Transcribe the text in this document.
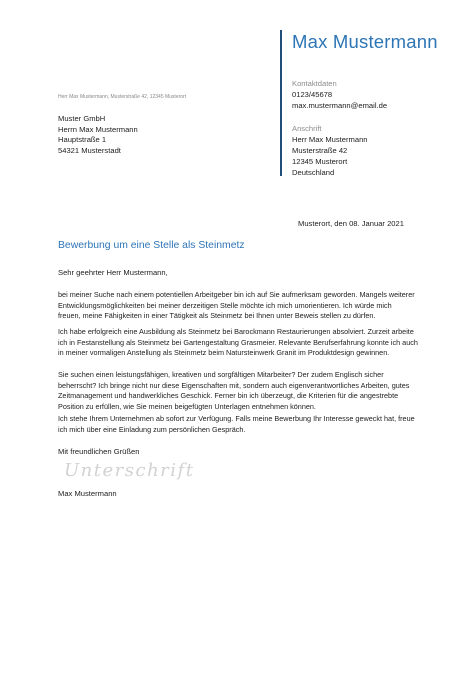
Max Mustermann
Kontaktdaten
0123/45678
max.mustermann@email.de
Anschrift
Herr Max Mustermann
Musterstraße 42
12345 Musterort
Deutschland
Herr Max Mustermann, Musterstraße 42, 12345 Musterort
Muster GmbH
Herrn Max Mustermann
Hauptstraße 1
54321 Musterstadt
Musterort, den 08. Januar 2021
Bewerbung um eine Stelle als Steinmetz
Sehr geehrter Herr Mustermann,
bei meiner Suche nach einem potentiellen Arbeitgeber bin ich auf Sie aufmerksam geworden. Mangels weiterer
Entwicklungsmöglichkeiten bei meiner derzeitigen Stelle möchte ich mich umorientieren. Ich würde mich
freuen, meine Fähigkeiten in einer Tätigkeit als Steinmetz bei Ihnen unter Beweis stellen zu dürfen.
Ich habe erfolgreich eine Ausbildung als Steinmetz bei Barockmann Restaurierungen absolviert. Zurzeit arbeite
ich in Festanstellung als Steinmetz bei Gartengestaltung Grasmeier. Relevante Berufserfahrung konnte ich auch
in meiner vormaligen Anstellung als Steinmetz beim Natursteinwerk Granit im Produktdesign gewinnen.
Sie suchen einen leistungsfähigen, kreativen und sorgfältigen Mitarbeiter? Der zudem Englisch sicher
beherrscht? Ich bringe nicht nur diese Eigenschaften mit, sondern auch eigenverantwortliches Arbeiten, gutes
Zeitmanagement und handwerkliches Geschick. Ferner bin ich überzeugt, die Kriterien für die angestrebte
Position zu erfüllen, wie Sie meinen beigefügten Unterlagen entnehmen können.
Ich stehe Ihrem Unternehmen ab sofort zur Verfügung. Falls meine Bewerbung Ihr Interesse geweckt hat, freue
ich mich über eine Einladung zum persönlichen Gespräch.
Mit freundlichen Grüßen
Unterschrift
Max Mustermann
